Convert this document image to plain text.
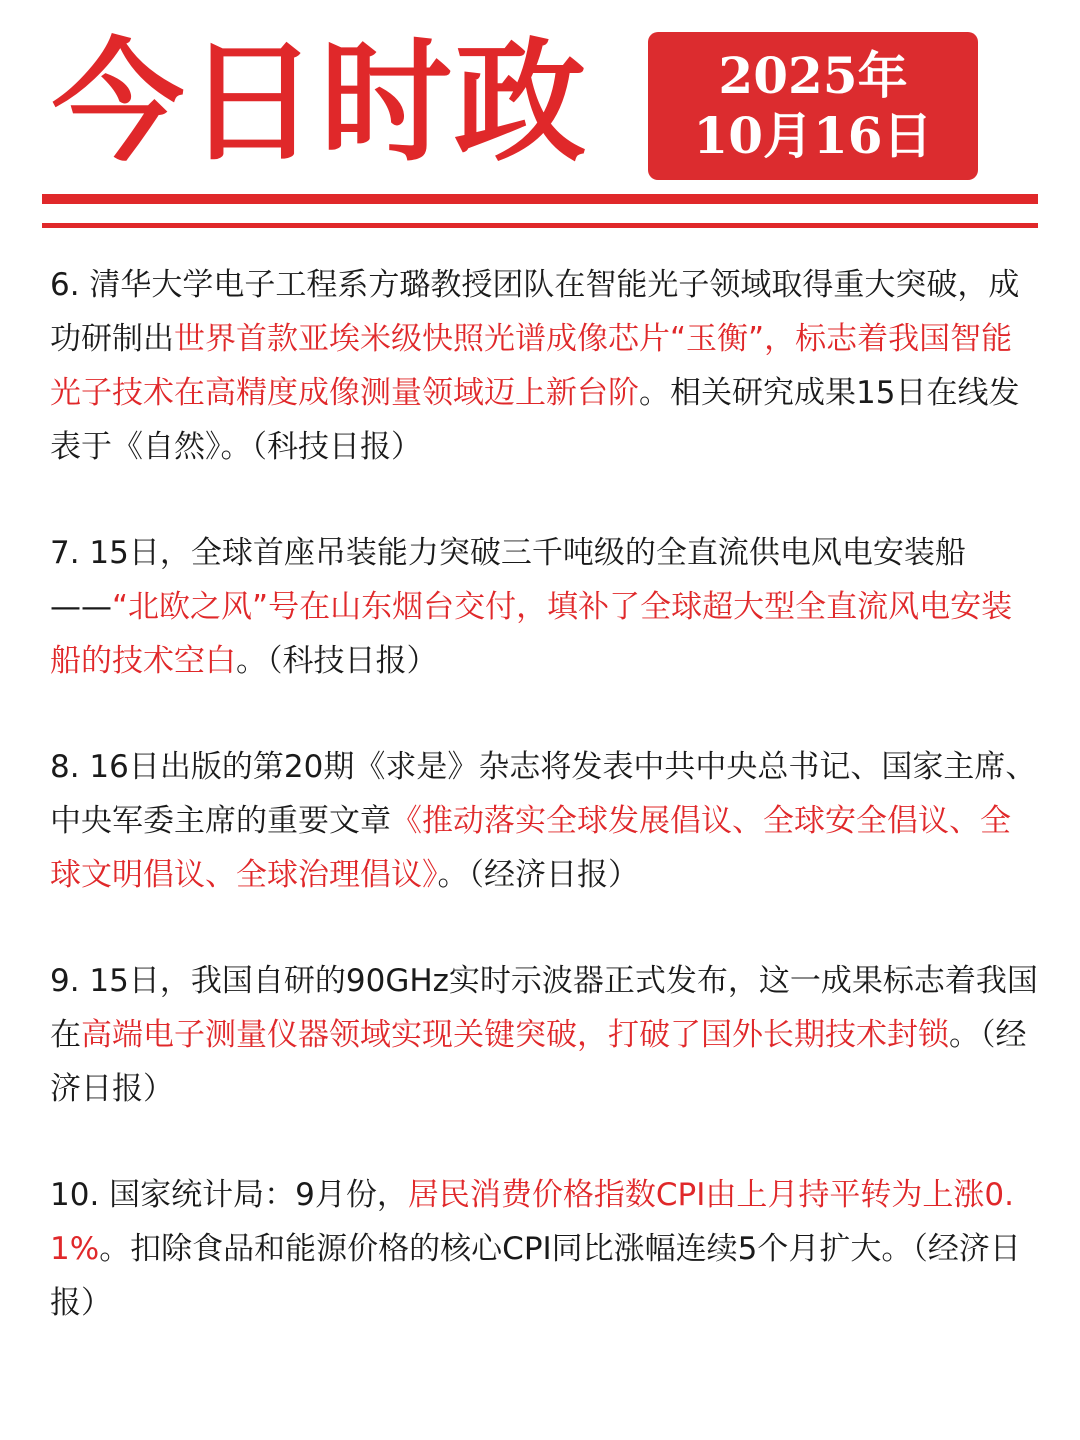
今日时政	2025年
10月16日

6. 清华大学电子工程系方璐教授团队在智能光子领域取得重大突破，成功研制出世界首款亚埃米级快照光谱成像芯片“玉衡”，标志着我国智能光子技术在高精度成像测量领域迈上新台阶。相关研究成果15日在线发表于《自然》。（科技日报）

7. 15日，全球首座吊装能力突破三千吨级的全直流供电风电安装船——“北欧之风”号在山东烟台交付，填补了全球超大型全直流风电安装船的技术空白。（科技日报）

8. 16日出版的第20期《求是》杂志将发表中共中央总书记、国家主席、中央军委主席的重要文章《推动落实全球发展倡议、全球安全倡议、全球文明倡议、全球治理倡议》。（经济日报）

9. 15日，我国自研的90GHz实时示波器正式发布，这一成果标志着我国在高端电子测量仪器领域实现关键突破，打破了国外长期技术封锁。（经济日报）

10. 国家统计局：9月份，居民消费价格指数CPI由上月持平转为上涨0.1%。扣除食品和能源价格的核心CPI同比涨幅连续5个月扩大。（经济日报）
